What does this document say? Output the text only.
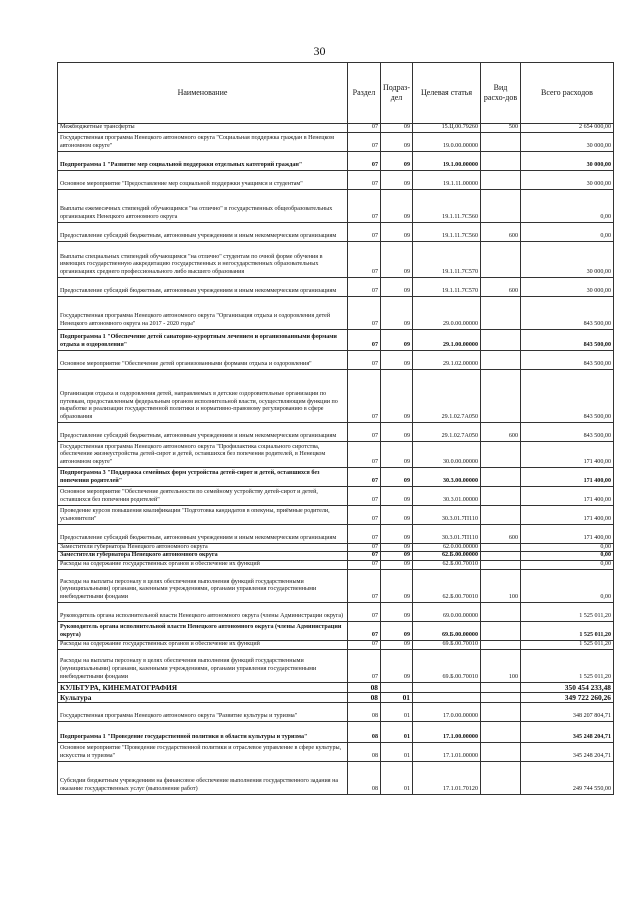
30
Наименование	Раздел	Подраз-дел	Целевая статья	Вид расхо-дов	Всего расходов
Межбюджетные трансферты	07	09	15.Ц.00.79260	500	2 654 000,00
Государственная программа Ненецкого автономного округа "Социальная поддержка граждан в Ненецком автономном округе"	07	09	19.0.00.00000		30 000,00
Подпрограмма 1 "Развитие мер социальной поддержки отдельных категорий граждан"	07	09	19.1.00.00000		30 000,00
Основное мероприятие "Предоставление мер социальной поддержки учащимся и студентам"	07	09	19.1.11.00000		30 000,00
Выплаты ежемесячных стипендий обучающимся "на отлично" в государственных общеобразовательных организациях Ненецкого автономного округа	07	09	19.1.11.7С560		0,00
Предоставление субсидий бюджетным, автономным учреждениям и иным некоммерческим организациям	07	09	19.1.11.7С560	600	0,00
Выплаты специальных стипендий обучающимся "на отлично" студентам по очной форме обучения в имеющих государственную аккредитацию государственных и негосударственных образовательных организациях среднего профессионального либо высшего образования	07	09	19.1.11.7С570		30 000,00
Предоставление субсидий бюджетным, автономным учреждениям и иным некоммерческим организациям	07	09	19.1.11.7С570	600	30 000,00
Государственная программа Ненецкого автономного округа "Организация отдыха и оздоровления детей Ненецкого автономного округа на 2017 - 2020 годы"	07	09	29.0.00.00000		843 500,00
Подпрограмма 1 "Обеспечение детей санаторно-курортным лечением и организованными формами отдыха и оздоровления"	07	09	29.1.00.00000		843 500,00
Основное мероприятие "Обеспечение детей организованными формами отдыха и оздоровления"	07	09	29.1.02.00000		843 500,00
Организация отдыха и оздоровления детей, направляемых в детские оздоровительные организации по путевкам, предоставленным федеральным органом исполнительной власти, осуществляющим функции по выработке и реализации государственной политики и нормативно-правовому регулированию в сфере образования	07	09	29.1.02.7А050		843 500,00
Предоставление субсидий бюджетным, автономным учреждениям и иным некоммерческим организациям	07	09	29.1.02.7А050	600	843 500,00
Государственная программа Ненецкого автономного округа "Профилактика социального сиротства, обеспечение жизнеустройства детей-сирот и детей, оставшихся без попечения родителей, в Ненецком автономном округе"	07	09	30.0.00.00000		171 400,00
Подпрограмма 3 "Поддержка семейных форм устройства детей-сирот и детей, оставшихся без попечения родителей"	07	09	30.3.00.00000		171 400,00
Основное мероприятие "Обеспечение деятельности по семейному устройству детей-сирот и детей, оставшихся без попечения родителей"	07	09	30.3.01.00000		171 400,00
Проведение курсов повышения квалификации "Подготовка кандидатов в опекуны, приёмные родители, усыновители"	07	09	30.3.01.7П110		171 400,00
Предоставление субсидий бюджетным, автономным учреждениям и иным некоммерческим организациям	07	09	30.3.01.7П110	600	171 400,00
Заместители губернатора Ненецкого автономного округа	07	09	62.0.00.00000		0,00
Заместители губернатора Ненецкого автономного округа	07	09	62.Б.00.00000		0,00
Расходы на содержание государственных органов и обеспечение их функций	07	09	62.Б.00.70010		0,00
Расходы на выплаты персоналу в целях обеспечения выполнения функций государственными (муниципальными) органами, казенными учреждениями, органами управления государственными внебюджетными фондами	07	09	62.Б.00.70010	100	0,00
Руководитель органа исполнительной власти Ненецкого автономного округа (члены Администрации округа)	07	09	69.0.00.00000		1 525 011,20
Руководитель органа исполнительной власти Ненецкого автономного округа (члены Администрации округа)	07	09	69.Б.00.00000		1 525 011,20
Расходы на содержание государственных органов и обеспечение их функций	07	09	69.Б.00.70010		1 525 011,20
Расходы на выплаты персоналу в целях обеспечения выполнения функций государственными (муниципальными) органами, казенными учреждениями, органами управления государственными внебюджетными фондами	07	09	69.Б.00.70010	100	1 525 011,20
КУЛЬТУРА, КИНЕМАТОГРАФИЯ	08				350 454 233,48
Культура	08	01			349 722 260,26
Государственная программа Ненецкого автономного округа "Развитие культуры и туризма"	08	01	17.0.00.00000		348 207 804,71
Подпрограмма 1 "Проведение государственной политики в области культуры и туризма"	08	01	17.1.00.00000		345 248 204,71
Основное мероприятие "Проведение государственной политики и отраслевое управление в сфере культуры, искусства и туризма"	08	01	17.1.01.00000		345 248 204,71
Субсидии бюджетным учреждениям на финансовое обеспечение выполнения государственного задания на оказание государственных услуг (выполнение работ)	08	01	17.1.01.70120		249 744 550,00
